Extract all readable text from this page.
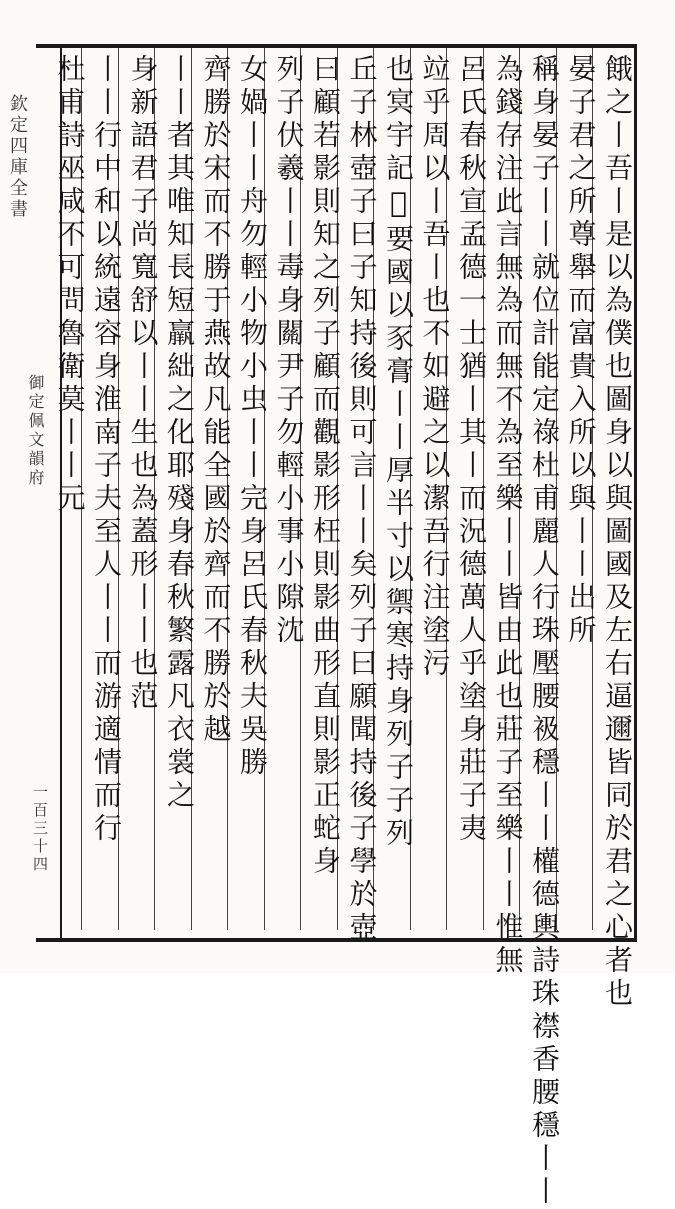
欽定四庫全書
御定佩文韻府
一百三十四	餓之丨吾丨是以為僕也圖身以與圖國及左右逼邇皆同於君之心者也
晏子君之所尊舉而富貴入所以與丨丨出所
稱身晏子丨丨就位計能定祿杜甫麗人行珠壓腰衱穩丨丨權德輿詩珠襟香腰穩丨丨
為錢存注此言無為而無不為至樂丨丨皆由此也莊子至樂丨丨惟無
呂氏春秋宣孟德一士猶丨其丨而況德萬人乎塗身莊子夷
竝乎周以丨吾丨也不如避之以潔吾行注塗污
也㝠宇記𧶼要國以豕膏丨丨厚半寸以禦寒持身列子子列
丘子林壺子曰子知持後則可言丨丨矣列子曰願聞持後子學於壺
曰顧若影則知之列子顧而觀影形枉則影曲形直則影正蛇身
列子伏羲丨丨毒身關尹子勿輕小事小隙沈
女媧丨丨舟勿輕小物小虫丨丨完身呂氏春秋夫吳勝
齊勝於宋而不勝于燕故凡能全國於齊而不勝於越
丨丨者其唯知長短羸絀之化耶殘身春秋繁露凡衣裳之
身新語君子尚寬舒以丨丨生也為蓋形丨丨也范
丨丨行中和以統遠容身淮南子夫至人丨丨而游適情而行
杜甫詩巫咸不可問魯衛莫丨丨元
